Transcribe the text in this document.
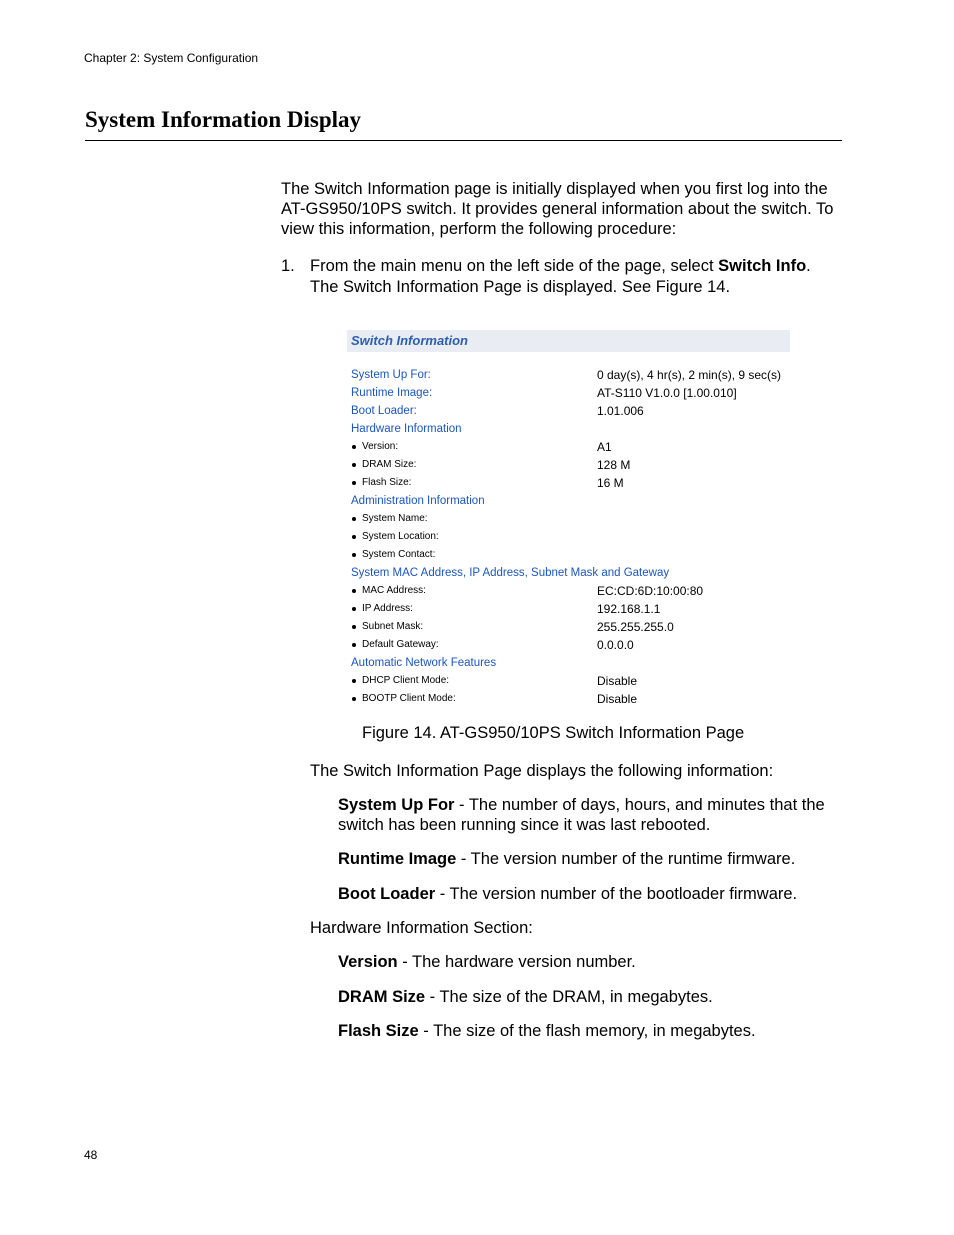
Chapter 2: System Configuration
System Information Display

The Switch Information page is initially displayed when you first log into the AT-GS950/10PS switch. It provides general information about the switch. To view this information, perform the following procedure:

1. From the main menu on the left side of the page, select Switch Info.
The Switch Information Page is displayed. See Figure 14.
Switch Information
System Up For:	0 day(s), 4 hr(s), 2 min(s), 9 sec(s)
Runtime Image:	AT-S110 V1.0.0 [1.00.010]
Boot Loader:	1.01.006
Hardware Information
Version:	A1
DRAM Size:	128 M
Flash Size:	16 M
Administration Information
System Name:
System Location:
System Contact:
System MAC Address, IP Address, Subnet Mask and Gateway
MAC Address:	EC:CD:6D:10:00:80
IP Address:	192.168.1.1
Subnet Mask:	255.255.255.0
Default Gateway:	0.0.0.0
Automatic Network Features
DHCP Client Mode:	Disable
BOOTP Client Mode:	Disable
Figure 14. AT-GS950/10PS Switch Information Page
The Switch Information Page displays the following information:

System Up For - The number of days, hours, and minutes that the switch has been running since it was last rebooted.

Runtime Image - The version number of the runtime firmware.

Boot Loader - The version number of the bootloader firmware.

Hardware Information Section:

Version - The hardware version number.

DRAM Size - The size of the DRAM, in megabytes.

Flash Size - The size of the flash memory, in megabytes.

48
